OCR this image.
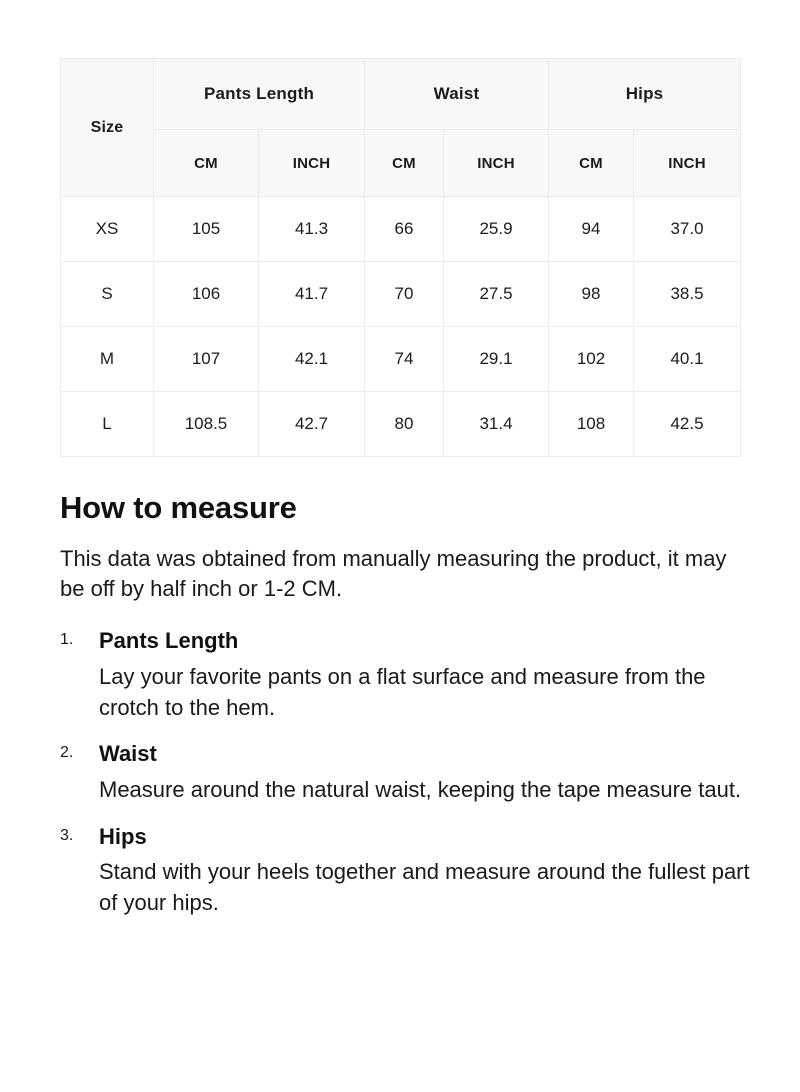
Size	Pants Length		Waist		Hips	
	CM	INCH	CM	INCH	CM	INCH
XS	105	41.3	66	25.9	94	37.0
S	106	41.7	70	27.5	98	38.5
M	107	42.1	74	29.1	102	40.1
L	108.5	42.7	80	31.4	108	42.5
How to measure

This data was obtained from manually measuring the product, it may be off by half inch or 1-2 CM.

Pants Length
Lay your favorite pants on a flat surface and measure from the crotch to the hem.
Waist
Measure around the natural waist, keeping the tape measure taut.
Hips
Stand with your heels together and measure around the fullest part of your hips.
